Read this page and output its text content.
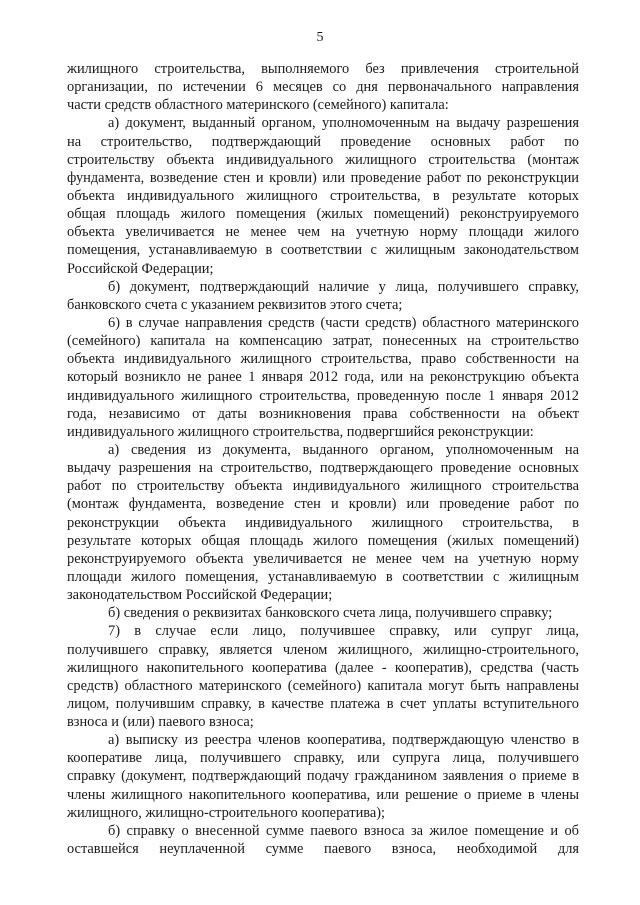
5
жилищного строительства, выполняемого без привлечения строительной
организации, по истечении 6 месяцев со дня первоначального направления
части средств областного материнского (семейного) капитала:
а) документ, выданный органом, уполномоченным на выдачу разрешения
на строительство, подтверждающий проведение основных работ по
строительству объекта индивидуального жилищного строительства (монтаж
фундамента, возведение стен и кровли) или проведение работ по реконструкции
объекта индивидуального жилищного строительства, в результате которых
общая площадь жилого помещения (жилых помещений) реконструируемого
объекта увеличивается не менее чем на учетную норму площади жилого
помещения, устанавливаемую в соответствии с жилищным законодательством
Российской Федерации;
б) документ, подтверждающий наличие у лица, получившего справку,
банковского счета с указанием реквизитов этого счета;
6) в случае направления средств (части средств) областного материнского
(семейного) капитала на компенсацию затрат, понесенных на строительство
объекта индивидуального жилищного строительства, право собственности на
который возникло не ранее 1 января 2012 года, или на реконструкцию объекта
индивидуального жилищного строительства, проведенную после 1 января 2012
года, независимо от даты возникновения права собственности на объект
индивидуального жилищного строительства, подвергшийся реконструкции:
а) сведения из документа, выданного органом, уполномоченным на
выдачу разрешения на строительство, подтверждающего проведение основных
работ по строительству объекта индивидуального жилищного строительства
(монтаж фундамента, возведение стен и кровли) или проведение работ по
реконструкции объекта индивидуального жилищного строительства, в
результате которых общая площадь жилого помещения (жилых помещений)
реконструируемого объекта увеличивается не менее чем на учетную норму
площади жилого помещения, устанавливаемую в соответствии с жилищным
законодательством Российской Федерации;
б) сведения о реквизитах банковского счета лица, получившего справку;
7) в случае если лицо, получившее справку, или супруг лица,
получившего справку, является членом жилищного, жилищно-строительного,
жилищного накопительного кооператива (далее - кооператив), средства (часть
средств) областного материнского (семейного) капитала могут быть направлены
лицом, получившим справку, в качестве платежа в счет уплаты вступительного
взноса и (или) паевого взноса;
а) выписку из реестра членов кооператива, подтверждающую членство в
кооперативе лица, получившего справку, или супруга лица, получившего
справку (документ, подтверждающий подачу гражданином заявления о приеме в
члены жилищного накопительного кооператива, или решение о приеме в члены
жилищного, жилищно-строительного кооператива);
б) справку о внесенной сумме паевого взноса за жилое помещение и об
оставшейся неуплаченной сумме паевого взноса, необходимой для
